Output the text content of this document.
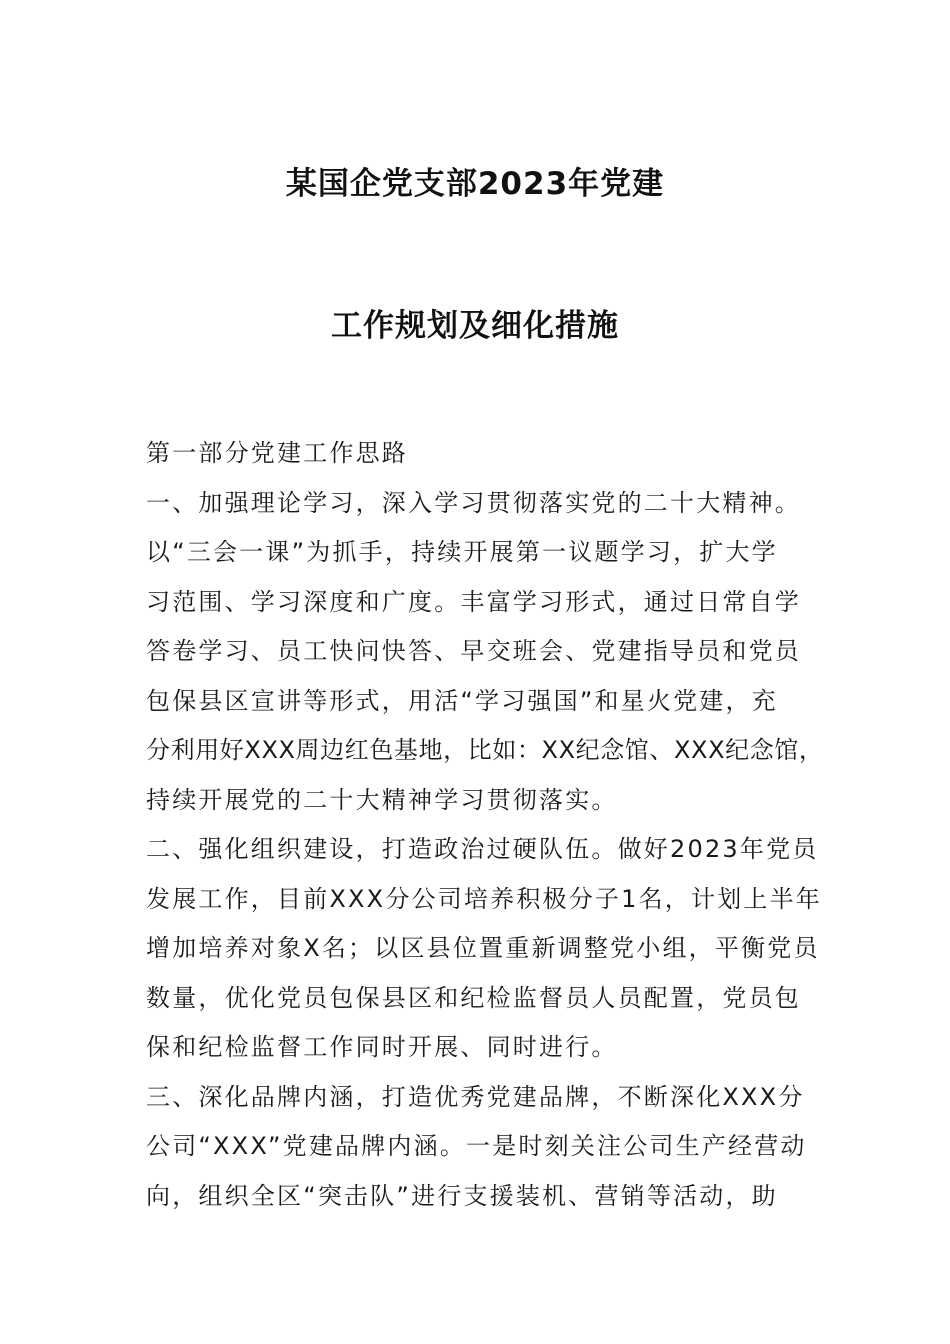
某国企党支部2023年党建
工作规划及细化措施
第一部分党建工作思路
一、加强理论学习，深入学习贯彻落实党的二十大精神。
以“三会一课”为抓手，持续开展第一议题学习，扩大学
习范围、学习深度和广度。丰富学习形式，通过日常自学
答卷学习、员工快问快答、早交班会、党建指导员和党员
包保县区宣讲等形式，用活“学习强国”和星火党建，充
分利用好XXX周边红色基地，比如：XX纪念馆、XXX纪念馆，
持续开展党的二十大精神学习贯彻落实。
二、强化组织建设，打造政治过硬队伍。做好2023年党员
发展工作，目前XXX分公司培养积极分子1名，计划上半年
增加培养对象X名；以区县位置重新调整党小组，平衡党员
数量，优化党员包保县区和纪检监督员人员配置，党员包
保和纪检监督工作同时开展、同时进行。
三、深化品牌内涵，打造优秀党建品牌，不断深化XXX分
公司“XXX”党建品牌内涵。一是时刻关注公司生产经营动
向，组织全区“突击队”进行支援装机、营销等活动，助
